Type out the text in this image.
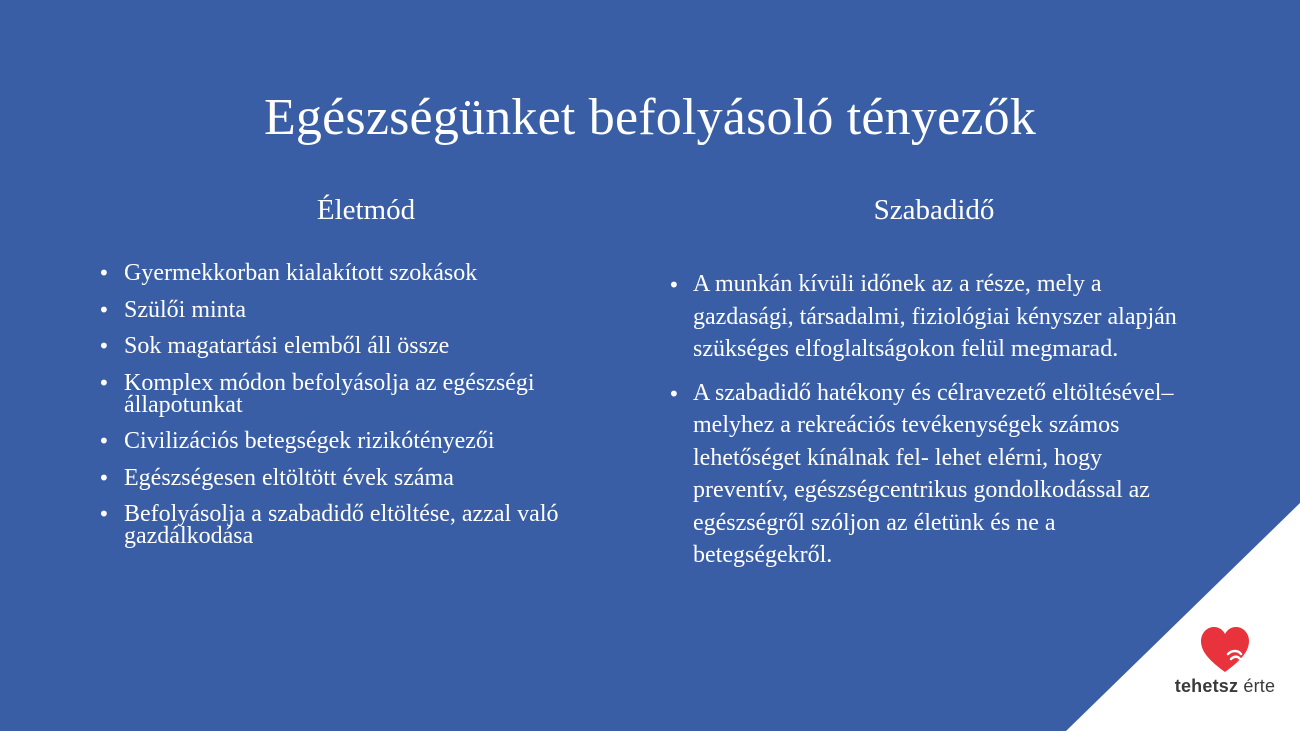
Egészségünket befolyásoló tényezők
Életmód	Szabadidő
• Gyermekkorban kialakított szokások
• Szülői minta
• Sok magatartási elemből áll össze
• Komplex módon befolyásolja az egészségi állapotunkat
• Civilizációs betegségek rizikótényezői
• Egészségesen eltöltött évek száma
• Befolyásolja a szabadidő eltöltése, azzal való gazdálkodása
• A munkán kívüli időnek az a része, mely a gazdasági, társadalmi, fiziológiai kényszer alapján szükséges elfoglaltságokon felül megmarad.
• A szabadidő hatékony és célravezető eltöltésével– melyhez a rekreációs tevékenységek számos lehetőséget kínálnak fel- lehet elérni, hogy preventív, egészségcentrikus gondolkodással az egészségről szóljon az életünk és ne a betegségekről.
tehetsz érte
